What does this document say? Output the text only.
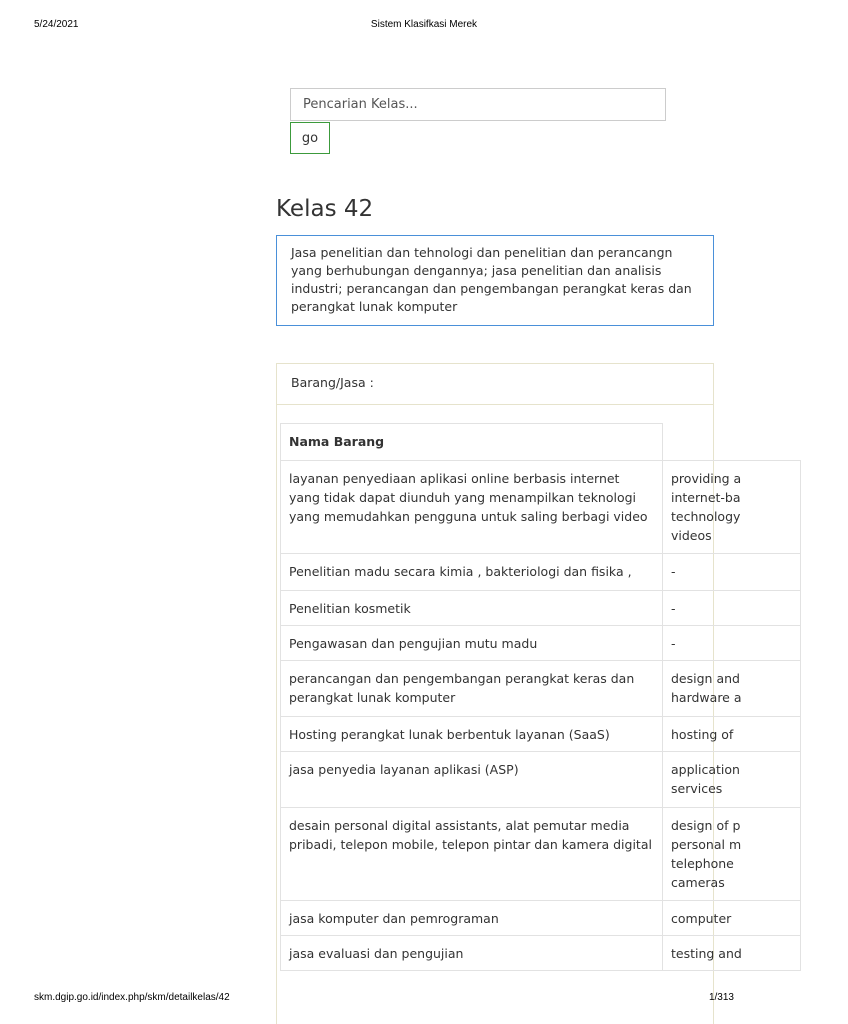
5/24/2021	Sistem Klasifkasi Merek
Pencarian Kelas...
go
Kelas 42
Jasa penelitian dan tehnologi dan penelitian dan perancangn yang berhubungan dengannya; jasa penelitian dan analisis industri; perancangan dan pengembangan perangkat keras dan perangkat lunak komputer
Barang/Jasa :
Nama Barang	
layanan penyediaan aplikasi online berbasis internet yang tidak dapat diunduh yang menampilkan teknologi yang memudahkan pengguna untuk saling berbagi video	providing a
internet-ba
technology
videos

Penelitian madu secara kimia , bakteriologi dan fisika ,	-

Penelitian kosmetik	-

Pengawasan dan pengujian mutu madu	-

perancangan dan pengembangan perangkat keras dan perangkat lunak komputer	design and
hardware a

Hosting perangkat lunak berbentuk layanan (SaaS)	hosting of

jasa penyedia layanan aplikasi (ASP)	application
services

desain personal digital assistants, alat pemutar media pribadi, telepon mobile, telepon pintar dan kamera digital	design of p
personal m
telephone
cameras

jasa komputer dan pemrograman	computer

jasa evaluasi dan pengujian	testing and
skm.dgip.go.id/index.php/skm/detailkelas/42	1/313
